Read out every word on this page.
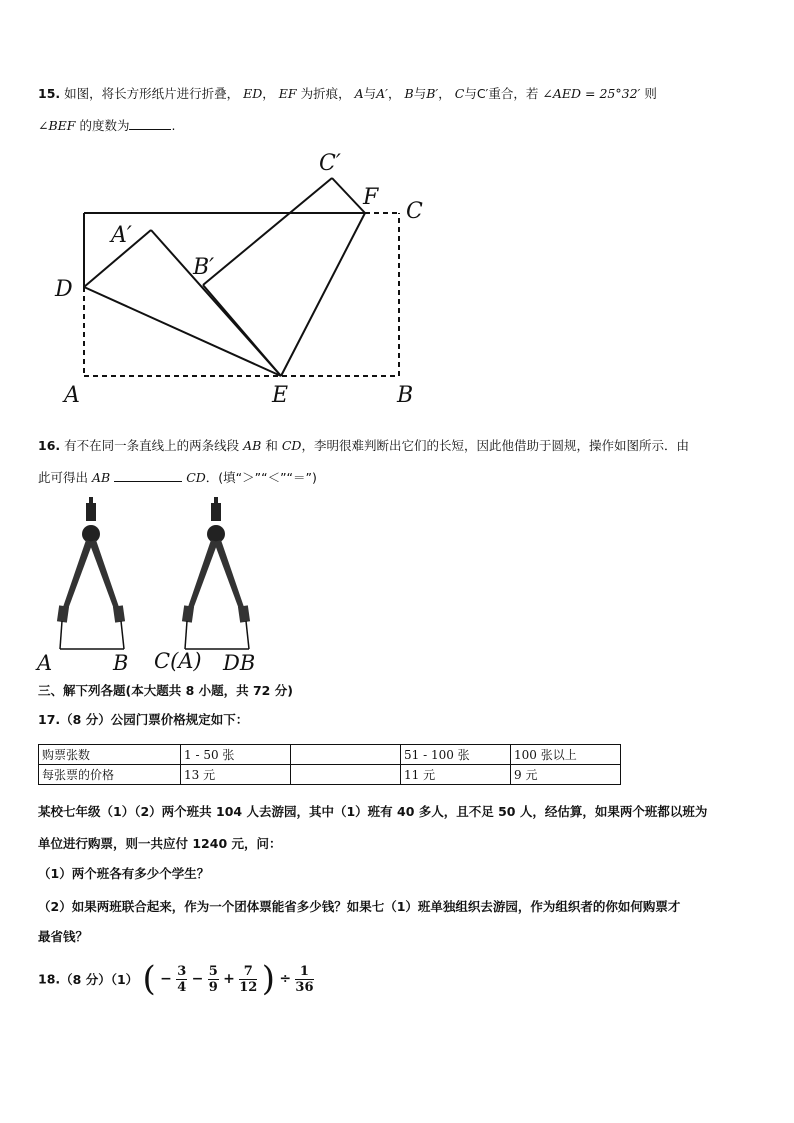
15. 如图，将长方形纸片进行折叠， ED， EF 为折痕， A与A′， B与B′， C与C′重合，若 ∠AED = 25°32′ 则
∠BEF 的度数为	.
A	E	B
D
C
F
A′
B′
C′
16. 有不在同一条直线上的两条线段 AB 和 CD，李明很难判断出它们的长短，因此他借助于圆规，操作如图所示．由
此可得出 AB	CD．(填“＞”“＜”“＝”)
A	B C(A) DB
三、解下列各题(本大题共 8 小题，共 72 分)
17.（8 分）公园门票价格规定如下：
购票张数	1 - 50 张		51 - 100 张	100 张以上
每张票的价格	13 元		11 元	9 元
某校七年级（1）（2）两个班共 104 人去游园，其中（1）班有 40 多人，且不足 50 人，经估算，如果两个班都以班为
单位进行购票，则一共应付 1240 元，问：
（1）两个班各有多少个学生？
（2）如果两班联合起来，作为一个团体票能省多少钱？如果七（1）班单独组织去游园，作为组织者的你如何购票才
最省钱？
18.（8 分）（1） ( − $\frac{3}{4} - \frac{5}{9} + \frac{7}{12}$ ) ÷ $\frac{1}{36}$
